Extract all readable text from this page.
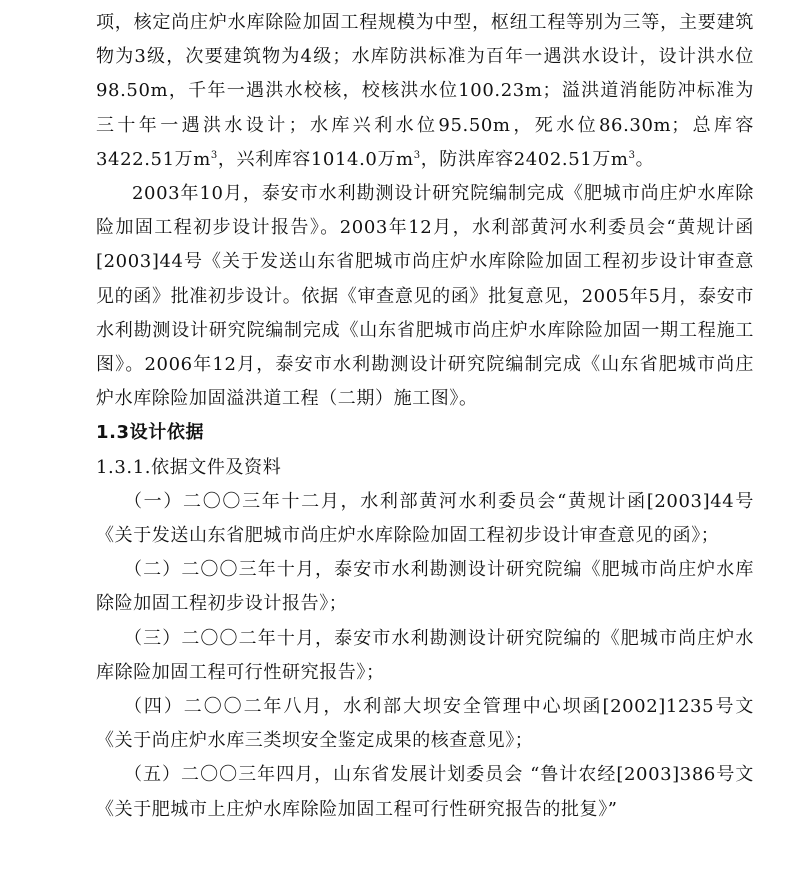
项，核定尚庄炉水库除险加固工程规模为中型，枢纽工程等别为三等，主要建筑物为3级，次要建筑物为4级；水库防洪标准为百年一遇洪水设计，设计洪水位98.50m，千年一遇洪水校核，校核洪水位100.23m；溢洪道消能防冲标准为三十年一遇洪水设计；水库兴利水位95.50m，死水位86.30m；总库容3422.51万$m^3$，兴利库容1014.0万$m^3$，防洪库容2402.51万$m^3$。

2003年10月，泰安市水利勘测设计研究院编制完成《肥城市尚庄炉水库除险加固工程初步设计报告》。2003年12月，水利部黄河水利委员会“黄规计函[2003]44号《关于发送山东省肥城市尚庄炉水库除险加固工程初步设计审查意见的函》批准初步设计。依据《审查意见的函》批复意见，2005年5月，泰安市水利勘测设计研究院编制完成《山东省肥城市尚庄炉水库除险加固一期工程施工图》。2006年12月，泰安市水利勘测设计研究院编制完成《山东省肥城市尚庄炉水库除险加固溢洪道工程（二期）施工图》。

1.3设计依据

1.3.1.依据文件及资料

（一）二〇〇三年十二月，水利部黄河水利委员会“黄规计函[2003]44号《关于发送山东省肥城市尚庄炉水库除险加固工程初步设计审查意见的函》；

（二）二〇〇三年十月，泰安市水利勘测设计研究院编《肥城市尚庄炉水库除险加固工程初步设计报告》；

（三）二〇〇二年十月，泰安市水利勘测设计研究院编的《肥城市尚庄炉水库除险加固工程可行性研究报告》；

（四）二〇〇二年八月，水利部大坝安全管理中心坝函[2002]1235号文《关于尚庄炉水库三类坝安全鉴定成果的核查意见》；

（五）二〇〇三年四月，山东省发展计划委员会 “鲁计农经[2003]386号文《关于肥城市上庄炉水库除险加固工程可行性研究报告的批复》”
